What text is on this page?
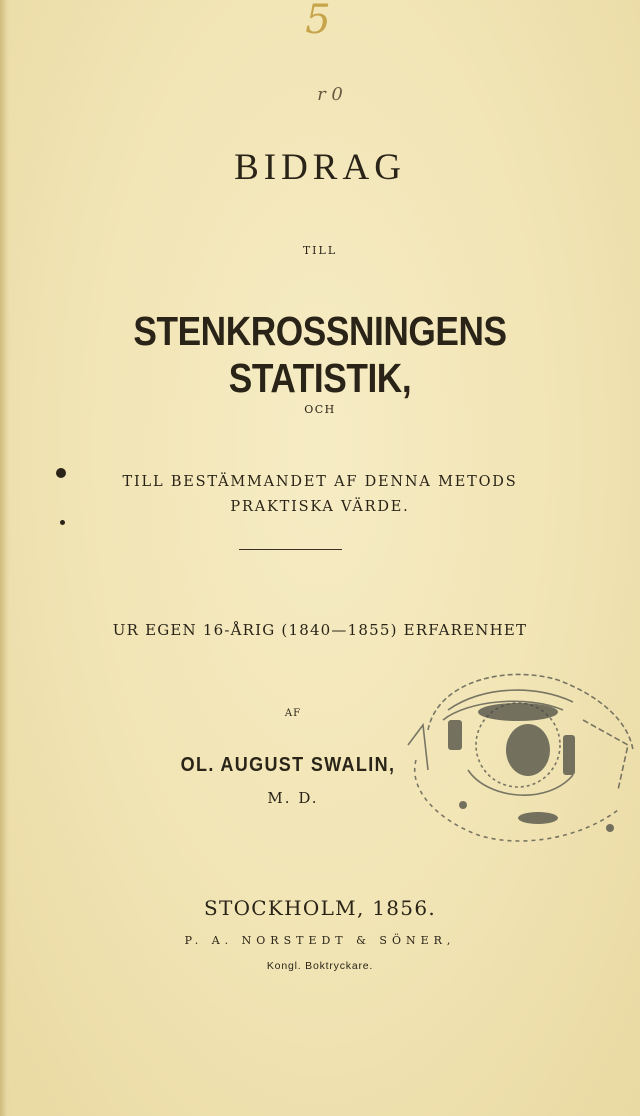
5
r 0
BIDRAG
TILL
STENKROSSNINGENS STATISTIK,
OCH
TILL BESTÄMMANDET AF DENNA METODS
PRAKTISKA VÄRDE.
UR EGEN 16-ÅRIG (1840—1855) ERFARENHET
AF
OL. AUGUST SWALIN,
M. D.
STOCKHOLM, 1856.
P. A. NORSTEDT & SÖNER,
Kongl. Boktryckare.
